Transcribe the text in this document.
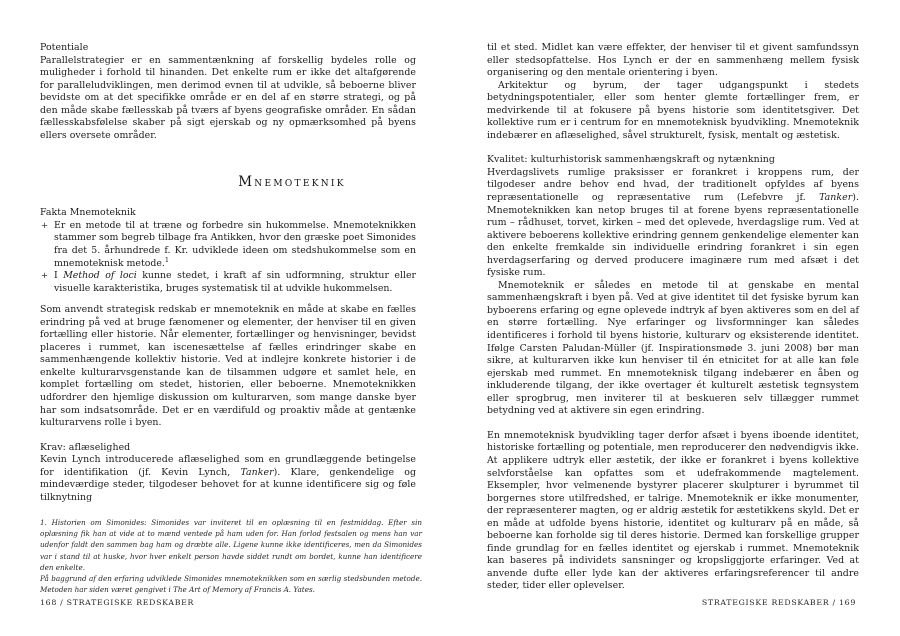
Potentiale

Parallelstrategier er en sammentænkning af forskellig bydeles rolle og muligheder i forhold til hinanden. Det enkelte rum er ikke det altafgørende for paralleludviklingen, men derimod evnen til at udvikle, så beboerne bliver bevidste om at det specifikke område er en del af en større strategi, og på den måde skabe fællesskab på tværs af byens geografiske områder. En sådan fællesskabsfølelse skaber på sigt ejerskab og ny opmærksomhed på byens ellers oversete områder.

Mnemoteknik

Fakta Mnemoteknik

+ Er en metode til at træne og forbedre sin hukommelse. Mnemoteknikken stammer som begreb tilbage fra Antikken, hvor den græske poet Simonides fra det 5. århundrede f. Kr. udviklede ideen om stedshukommelse som en mnemoteknisk metode.$^1$
+ I Method of loci kunne stedet, i kraft af sin udformning, struktur eller visuelle karakteristika, bruges systematisk til at udvikle hukommelsen.

Som anvendt strategisk redskab er mnemoteknik en måde at skabe en fælles erindring på ved at bruge fænomener og elementer, der henviser til en given fortælling eller historie. Når elementer, fortællinger og henvisninger, bevidst placeres i rummet, kan iscenesættelse af fælles erindringer skabe en sammenhængende kollektiv historie. Ved at indlejre konkrete historier i de enkelte kulturarvsgenstande kan de tilsammen udgøre et samlet hele, en komplet fortælling om stedet, historien, eller beboerne. Mnemoteknikken udfordrer den hjemlige diskussion om kulturarven, som mange danske byer har som indsatsområde. Det er en værdifuld og proaktiv måde at gentænke kulturarvens rolle i byen.

Krav: aflæselighed

Kevin Lynch introducerede aflæselighed som en grundlæggende betingelse for identifikation (jf. Kevin Lynch, Tanker). Klare, genkendelige og mindeværdige steder, tilgodeser behovet for at kunne identificere sig og føle tilknytning

1. Historien om Simonides: Simonides var inviteret til en oplæsning til en festmiddag. Efter sin oplæsning fik han at vide at to mænd ventede på ham uden for. Han forlod festsalen og mens han var udenfor faldt den sammen bag ham og dræbte alle. Ligene kunne ikke identificeres, men da Simonides var i stand til at huske, hvor hver enkelt person havde siddet rundt om bordet, kunne han identificere den enkelte.

På baggrund af den erfaring udviklede Simonides mnemoteknikken som en særlig stedsbunden metode. Metoden har siden været gengivet i The Art of Memory af Francis A. Yates.

til et sted. Midlet kan være effekter, der henviser til et givent samfundssyn eller stedsopfattelse. Hos Lynch er der en sammenhæng mellem fysisk organisering og den mentale orientering i byen.

Arkitektur og byrum, der tager udgangspunkt i stedets betydningspotentialer, eller som henter glemte fortællinger frem, er medvirkende til at fokusere på byens historie som identitetsgiver. Det kollektive rum er i centrum for en mnemoteknisk byudvikling. Mnemoteknik indebærer en aflæselighed, såvel strukturelt, fysisk, mentalt og æstetisk.

Kvalitet: kulturhistorisk sammenhængskraft og nytænkning

Hverdagslivets rumlige praksisser er forankret i kroppens rum, der tilgodeser andre behov end hvad, der traditionelt opfyldes af byens repræsentationelle og repræsentative rum (Lefebvre jf. Tanker). Mnemoteknikken kan netop bruges til at forene byens repræsentationelle rum – rådhuset, torvet, kirken – med det oplevede, hverdagslige rum. Ved at aktivere beboerens kollektive erindring gennem genkendelige elementer kan den enkelte fremkalde sin individuelle erindring forankret i sin egen hverdagserfaring og derved producere imaginære rum med afsæt i det fysiske rum.

Mnemoteknik er således en metode til at genskabe en mental sammenhængskraft i byen på. Ved at give identitet til det fysiske byrum kan byboerens erfaring og egne oplevede indtryk af byen aktiveres som en del af en større fortælling. Nye erfaringer og livsformninger kan således identificeres i forhold til byens historie, kulturarv og eksisterende identitet. Ifølge Carsten Paludan-Müller (jf. Inspirationsmøde 3. juni 2008) bør man sikre, at kulturarven ikke kun henviser til én etnicitet for at alle kan føle ejerskab med rummet. En mnemoteknisk tilgang indebærer en åben og inkluderende tilgang, der ikke overtager ét kulturelt æstetisk tegnsystem eller sprogbrug, men inviterer til at beskueren selv tillægger rummet betydning ved at aktivere sin egen erindring.

En mnemoteknisk byudvikling tager derfor afsæt i byens iboende identitet, historiske fortælling og potentiale, men reproducerer den nødvendigvis ikke. At applikere udtryk eller æstetik, der ikke er forankret i byens kollektive selvforståelse kan opfattes som et udefrakommende magtelement. Eksempler, hvor velmenende bystyrer placerer skulpturer i byrummet til borgernes store utilfredshed, er talrige. Mnemoteknik er ikke monumenter, der repræsenterer magten, og er aldrig æstetik for æstetikkens skyld. Det er en måde at udfolde byens historie, identitet og kulturarv på en måde, så beboerne kan forholde sig til deres historie. Dermed kan forskellige grupper finde grundlag for en fælles identitet og ejerskab i rummet. Mnemoteknik kan baseres på individets sansninger og kropsliggjorte erfaringer. Ved at anvende dufte eller lyde kan der aktiveres erfaringsreferencer til andre steder, tider eller oplevelser.

168 / STRATEGISKE REDSKABER	STRATEGISKE REDSKABER / 169
